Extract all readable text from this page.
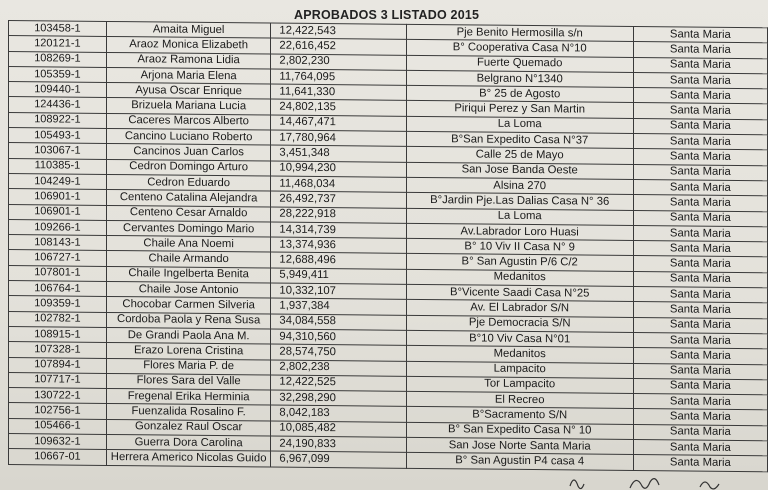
APROBADOS 3 LISTADO 2015
103458-1	Amaita Miguel	12,422,543	Pje Benito Hermosilla s/n	Santa Maria
120121-1	Araoz Monica Elizabeth	22,616,452	B° Cooperativa Casa N°10	Santa Maria
108269-1	Araoz Ramona Lidia	2,802,230	Fuerte Quemado	Santa Maria
105359-1	Arjona Maria Elena	11,764,095	Belgrano N°1340	Santa Maria
109440-1	Ayusa Oscar Enrique	11,641,330	B° 25 de Agosto	Santa Maria
124436-1	Brizuela Mariana Lucia	24,802,135	Piriqui Perez y San Martin	Santa Maria
108922-1	Caceres Marcos Alberto	14,467,471	La Loma	Santa Maria
105493-1	Cancino Luciano Roberto	17,780,964	B°San Expedito Casa N°37	Santa Maria
103067-1	Cancinos Juan Carlos	3,451,348	Calle 25 de Mayo	Santa Maria
110385-1	Cedron Domingo Arturo	10,994,230	San Jose Banda Oeste	Santa Maria
104249-1	Cedron Eduardo	11,468,034	Alsina 270	Santa Maria
106901-1	Centeno Catalina Alejandra	26,492,737	B°Jardin Pje.Las Dalias Casa N° 36	Santa Maria
106901-1	Centeno Cesar Arnaldo	28,222,918	La Loma	Santa Maria
109266-1	Cervantes Domingo Mario	14,314,739	Av.Labrador Loro Huasi	Santa Maria
108143-1	Chaile Ana Noemi	13,374,936	B° 10 Viv II Casa N° 9	Santa Maria
106727-1	Chaile Armando	12,688,496	B° San Agustin P/6 C/2	Santa Maria
107801-1	Chaile Ingelberta Benita	5,949,411	Medanitos	Santa Maria
106764-1	Chaile Jose Antonio	10,332,107	B°Vicente Saadi Casa N°25	Santa Maria
109359-1	Chocobar Carmen Silveria	1,937,384	Av. El Labrador S/N	Santa Maria
102782-1	Cordoba Paola y Rena Susa	34,084,558	Pje Democracia S/N	Santa Maria
108915-1	De Grandi Paola Ana M.	94,310,560	B°10 Viv Casa N°01	Santa Maria
107328-1	Erazo Lorena Cristina	28,574,750	Medanitos	Santa Maria
107894-1	Flores Maria P. de	2,802,238	Lampacito	Santa Maria
107717-1	Flores Sara del Valle	12,422,525	Tor Lampacito	Santa Maria
130722-1	Fregenal Erika Herminia	32,298,290	El Recreo	Santa Maria
102756-1	Fuenzalida Rosalino F.	8,042,183	B°Sacramento S/N	Santa Maria
105466-1	Gonzalez Raul Oscar	10,085,482	B° San Expedito Casa N° 10	Santa Maria
109632-1	Guerra Dora Carolina	24,190,833	San Jose Norte Santa Maria	Santa Maria
10667-01	Herrera Americo Nicolas Guido	6,967,099	B° San Agustin P4 casa 4	Santa Maria
